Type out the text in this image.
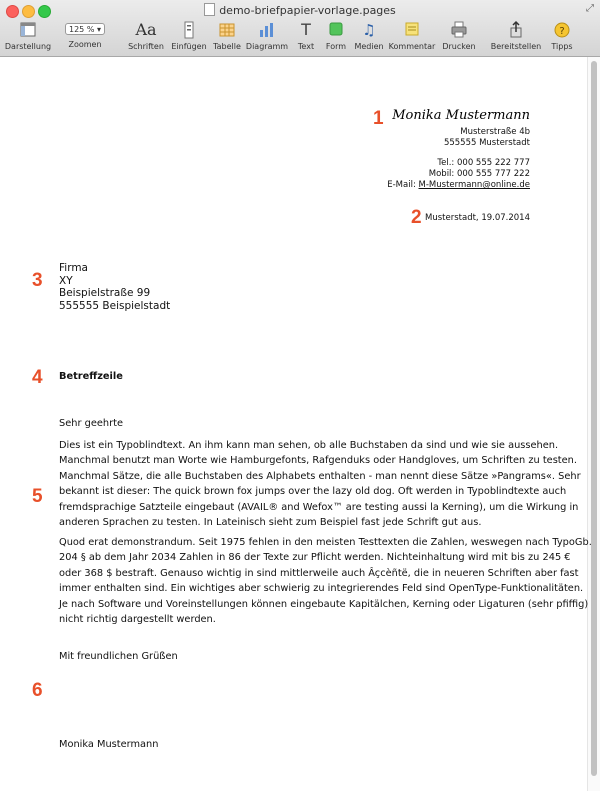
demo-briefpapier-vorlage.pages	⤢
Darstellung
125 % ▾
Zoomen
Aa
Schriften Einfügen Tabelle Diagramm
T
Text	Form
♫
Medien Kommentar Drucken	Bereitstellen
?
Tipps
1
2
3
4
5
6
Monika Mustermann
Musterstraße 4b
555555 Musterstadt
Tel.: 000 555 222 777
Mobil: 000 555 777 222
E-Mail: M-Mustermann@online.de
Musterstadt, 19.07.2014
Firma
XY
Beispielstraße 99
555555 Beispielstadt
Betreffzeile
Sehr geehrte
Dies ist ein Typoblindtext. An ihm kann man sehen, ob alle Buchstaben da sind und wie sie aussehen.
Manchmal benutzt man Worte wie Hamburgefonts, Rafgenduks oder Handgloves, um Schriften zu testen.
Manchmal Sätze, die alle Buchstaben des Alphabets enthalten - man nennt diese Sätze »Pangrams«. Sehr
bekannt ist dieser: The quick brown fox jumps over the lazy old dog. Oft werden in Typoblindtexte auch
fremdsprachige Satzteile eingebaut (AVAIL® and Wefox™ are testing aussi la Kerning), um die Wirkung in
anderen Sprachen zu testen. In Lateinisch sieht zum Beispiel fast jede Schrift gut aus.
Quod erat demonstrandum. Seit 1975 fehlen in den meisten Testtexten die Zahlen, weswegen nach TypoGb.
204 § ab dem Jahr 2034 Zahlen in 86 der Texte zur Pflicht werden. Nichteinhaltung wird mit bis zu 245 €
oder 368 $ bestraft. Genauso wichtig in sind mittlerweile auch Âçcèñtë, die in neueren Schriften aber fast
immer enthalten sind. Ein wichtiges aber schwierig zu integrierendes Feld sind OpenType-Funktionalitäten.
Je nach Software und Voreinstellungen können eingebaute Kapitälchen, Kerning oder Ligaturen (sehr pfiffig)
nicht richtig dargestellt werden.
Mit freundlichen Grüßen
Monika Mustermann
